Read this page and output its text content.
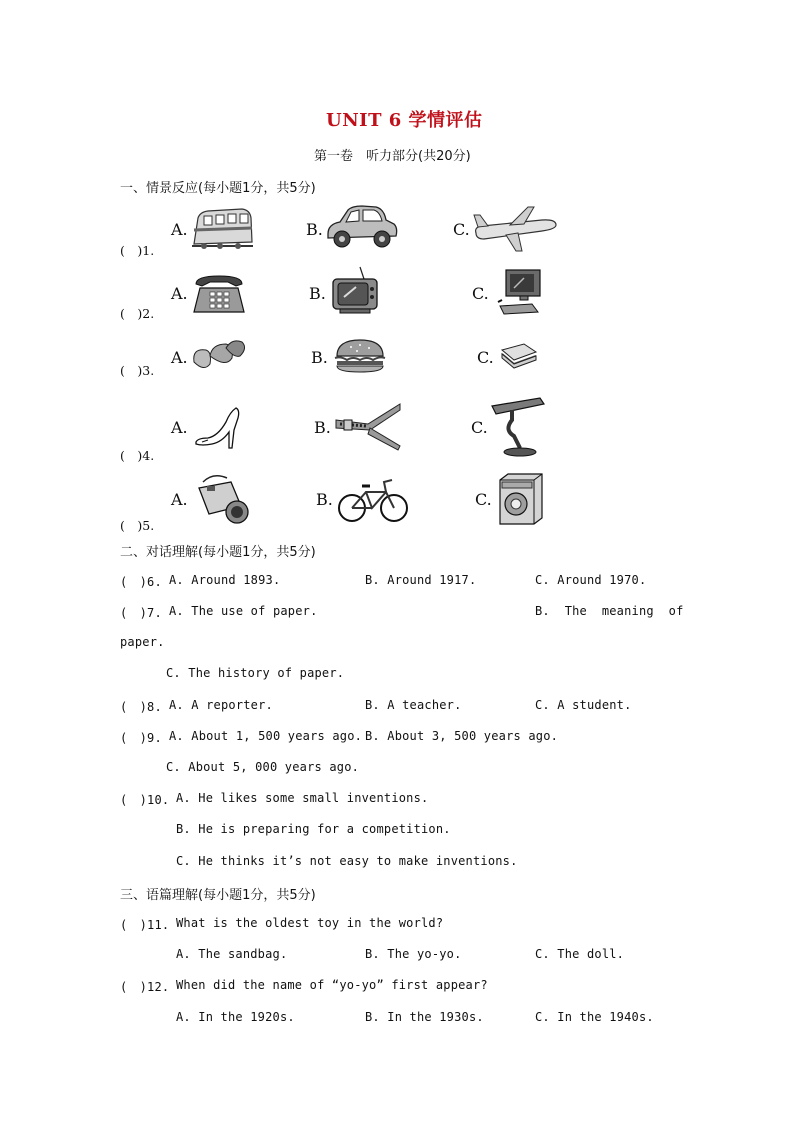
UNIT 6 学情评估
第一卷　听力部分(共20分)
一、情景反应(每小题1分，共5分)
(　)1.
A.	B.	C.
(　)2.
A.	B.	C.
(　)3.
A.	B.	C.
(　)4.
A.	B.	C.
(　)5.
A.	B.	C.
二、对话理解(每小题1分，共5分)
(　)6. A. Around 1893.	B. Around 1917.	C. Around 1970.
(　)7. A. The use of paper.	B.  The  meaning  of
paper.
C. The history of paper.
(　)8. A. A reporter.	B. A teacher.	C. A student.
(　)9. A. About 1, 500 years ago. B. About 3, 500 years ago.
C. About 5, 000 years ago.
(　)10. A. He likes some small inventions.
B. He is preparing for a competition.
C. He thinks it’s not easy to make inventions.
三、语篇理解(每小题1分，共5分)
(　)11. What is the oldest toy in the world?
A. The sandbag.	B. The yo-yo.	C. The doll.
(　)12. When did the name of “yo-yo” first appear?
A. In the 1920s.	B. In the 1930s.	C. In the 1940s.
